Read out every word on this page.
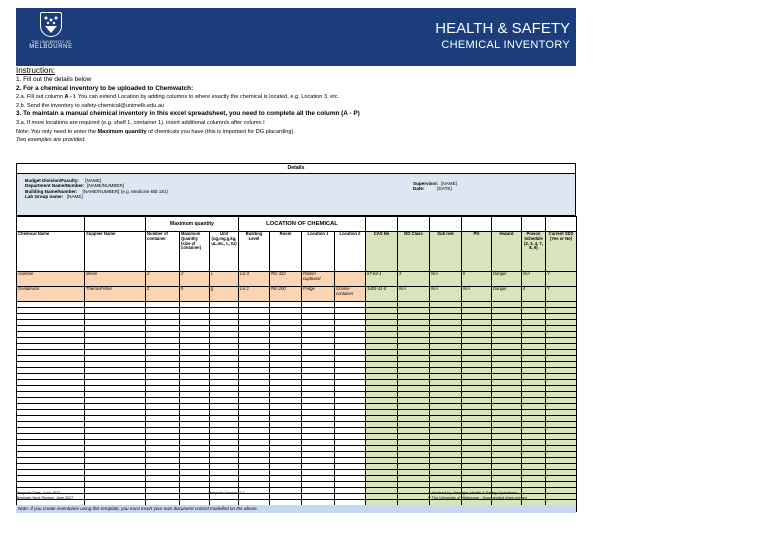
THE UNIVERSITY OF
MELBOURNE
HEALTH & SAFETY
CHEMICAL INVENTORY
Instruction:
1. Fill out the details below
2. For a chemical inventory to be uploaded to Chemwatch:
2.a. Fill out column A - I. You can extend Location by adding columns to where exactly the chemical is located, e.g. Location 3, etc.
2.b. Send the inventory to safety-chemical@unimelb.edu.au
3. To maintain a manual chemical inventory in this excel spreadsheet, you need to complete all the column (A - P)
3.a. If more locations are required (e.g. shelf 1, container 1), insert additional column/s after column I
Note: You only need to enter the Maximum quantity of chemicals you have (this is important for DG placarding).
Two examples are provided.
Details
Budget Division/Faculty: [NAME]
Department Name/Number: [NAME/NUMBER]
Building Name/Number: [NAME/NUMBER] (e.g. Medicine Bld 181)
Lab Group name: [NAME]
Supervisor: [NAME]
Date:	[DATE]
		Maximum quantity			LOCATION OF CHEMICAL										
Chemical Name	Supplier Name	Number of container	Maximum Quantity (size of container)	Unit (ug,mg,g,kg, uL,mL, L, IU)	Building Level	Room	Location 1	Location 2	CAS No	DG Class	Sub risk	PG	Hazard	Poison Schedule (2, 3, 4, 7, 8, 9)	Current SDS (Yes or No)
Acetone	Merck	2	2	L	Lvl 3	Rm 322	Flamm cupboard		67-64-1	3	N/A	II	Danger	N/A	Y
Gentamicin	ThermoFisher	2	5	g	Lvl 2	Rm 200	Fridge	Gnome container	1405-41-0	N/A	N/A	N/A	Danger	4	Y

Template Date: June 2022
Template Next Review: June 2027
Template Version: 2.2	Authorised by: Manager, Health & Safety, Operations
© The University of Melbourne - Uncontrolled when printed
Note: If you create inventories using this template, you must insert your own document control modelled on the above.
